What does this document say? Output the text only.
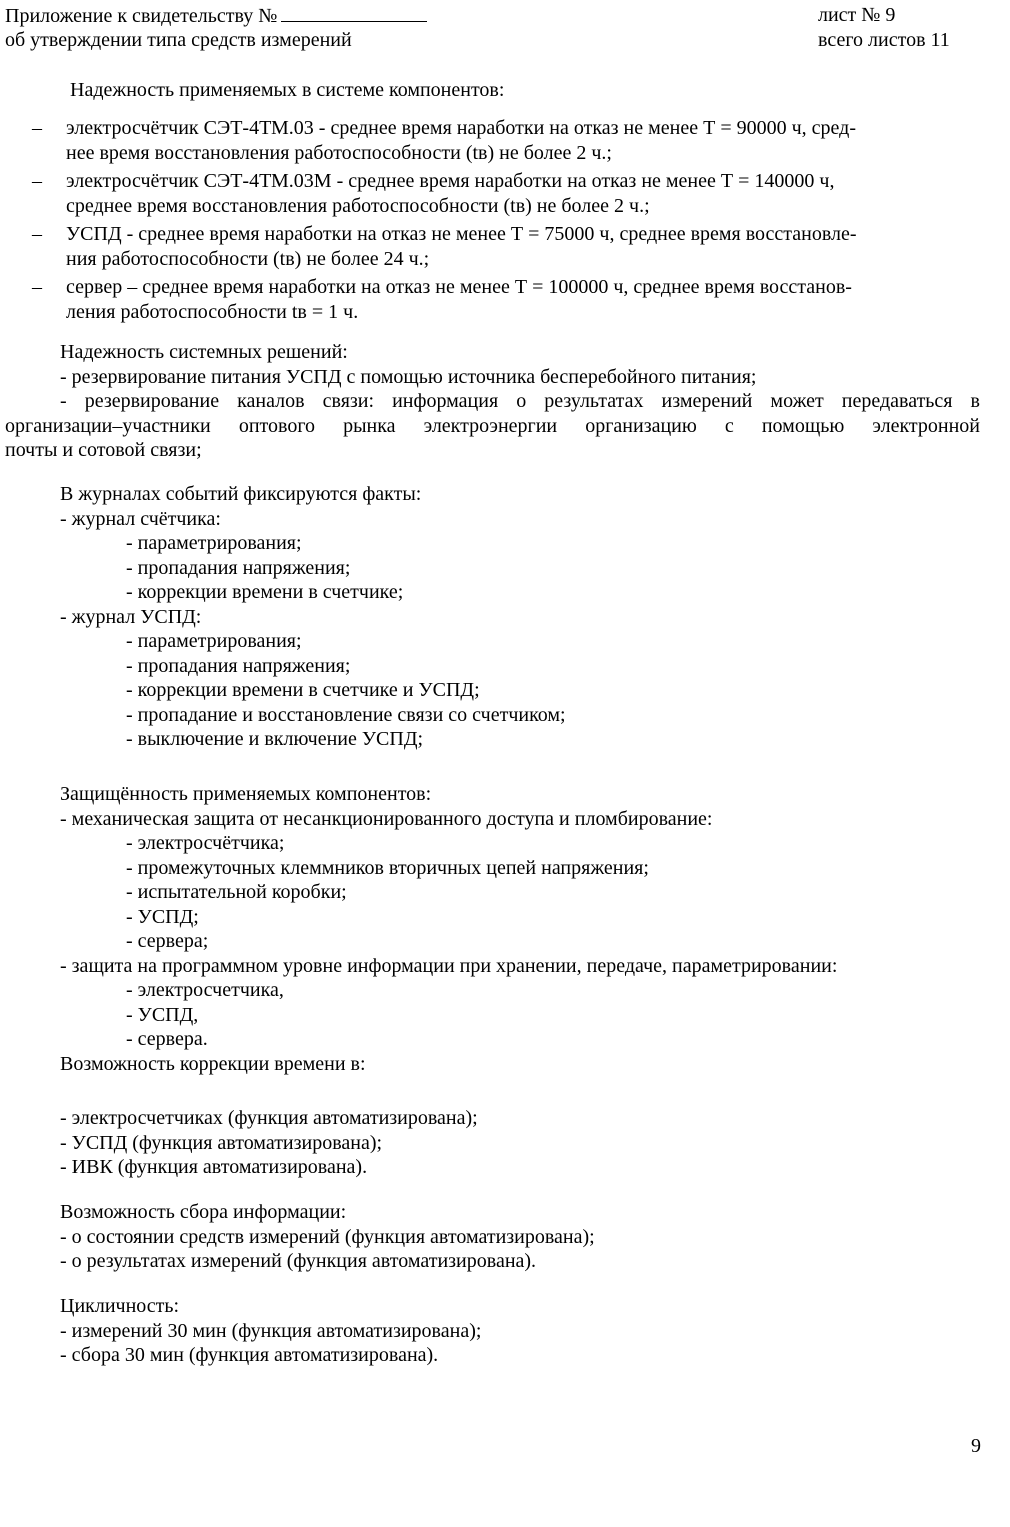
Приложение к свидетельству №
об утверждении типа средств измерений
лист № 9
всего листов 11
Надежность применяемых в системе компонентов:
– электросчётчик СЭТ-4ТМ.03 - среднее время наработки на отказ не менее Т = 90000 ч, сред-
нее время восстановления работоспособности (tв) не более 2 ч.;
– электросчётчик СЭТ-4ТМ.03М - среднее время наработки на отказ не менее Т = 140000 ч,
среднее время восстановления работоспособности (tв) не более 2 ч.;
– УСПД - среднее время наработки на отказ не менее Т = 75000 ч, среднее время восстановле-
ния работоспособности (tв) не более 24 ч.;
– сервер – среднее время наработки на отказ не менее Т = 100000 ч, среднее время восстанов-
ления работоспособности tв = 1 ч.
Надежность системных решений:
- резервирование питания УСПД с помощью источника бесперебойного питания;
- резервирование каналов связи: информация о результатах измерений может передаваться в
организации–участники оптового рынка электроэнергии организацию с помощью электронной
почты и сотовой связи;
В журналах событий фиксируются факты:
- журнал счётчика:
- параметрирования;
- пропадания напряжения;
- коррекции времени в счетчике;
- журнал УСПД:
- параметрирования;
- пропадания напряжения;
- коррекции времени в счетчике и УСПД;
- пропадание и восстановление связи со счетчиком;
- выключение и включение УСПД;
Защищённость применяемых компонентов:
- механическая защита от несанкционированного доступа и пломбирование:
- электросчётчика;
- промежуточных клеммников вторичных цепей напряжения;
- испытательной коробки;
- УСПД;
- сервера;
- защита на программном уровне информации при хранении, передаче, параметрировании:
- электросчетчика,
- УСПД,
- сервера.
Возможность коррекции времени в:
- электросчетчиках (функция автоматизирована);
- УСПД (функция автоматизирована);
- ИВК (функция автоматизирована).
Возможность сбора информации:
- о состоянии средств измерений (функция автоматизирована);
- о результатах измерений (функция автоматизирована).
Цикличность:
- измерений 30 мин (функция автоматизирована);
- сбора 30 мин (функция автоматизирована).
9
